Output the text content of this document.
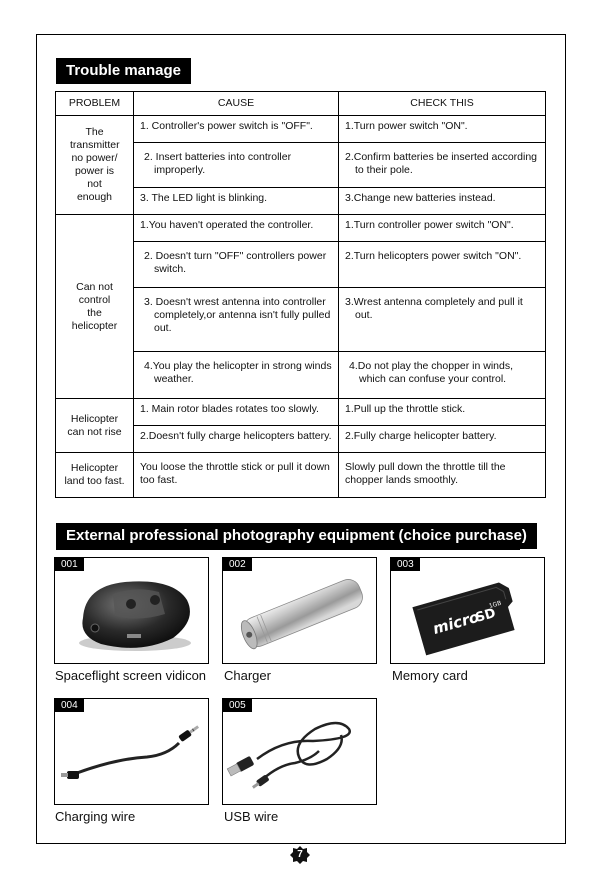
Trouble manage
PROBLEM	CAUSE	CHECK THIS
The transmitter no power/ power is not enough	1. Controller's power switch is "OFF".	1.Turn power switch "ON".

	2. Insert batteries into controller improperly.	2.Confirm batteries be inserted according to their pole.

	3. The LED light is blinking.	3.Change new batteries instead.

Can not control the helicopter	1.You haven't operated the controller.	1.Turn controller power switch "ON".

	2. Doesn't turn "OFF" controllers power switch.	2.Turn helicopters power switch "ON".

	3. Doesn't wrest antenna into controller completely,or antenna isn't fully pulled out.	3.Wrest antenna completely and pull it out.

	4.You play the helicopter in strong winds weather.	4.Do not play the chopper in winds, which can confuse your control.

Helicopter can not rise	1. Main rotor blades rotates too slowly.	1.Pull up the throttle stick.

	2.Doesn't fully charge helicopters battery.	2.Fully charge helicopter battery.

Helicopter land too fast.	You loose the throttle stick or pull it down too fast.	Slowly pull down the throttle till the chopper lands smoothly.
External professional photography equipment (choice purchase)
001
Spaceflight screen vidicon
002
Charger
003
micro
SD
1GB
Memory card
004
Charging wire
005
USB wire
7
